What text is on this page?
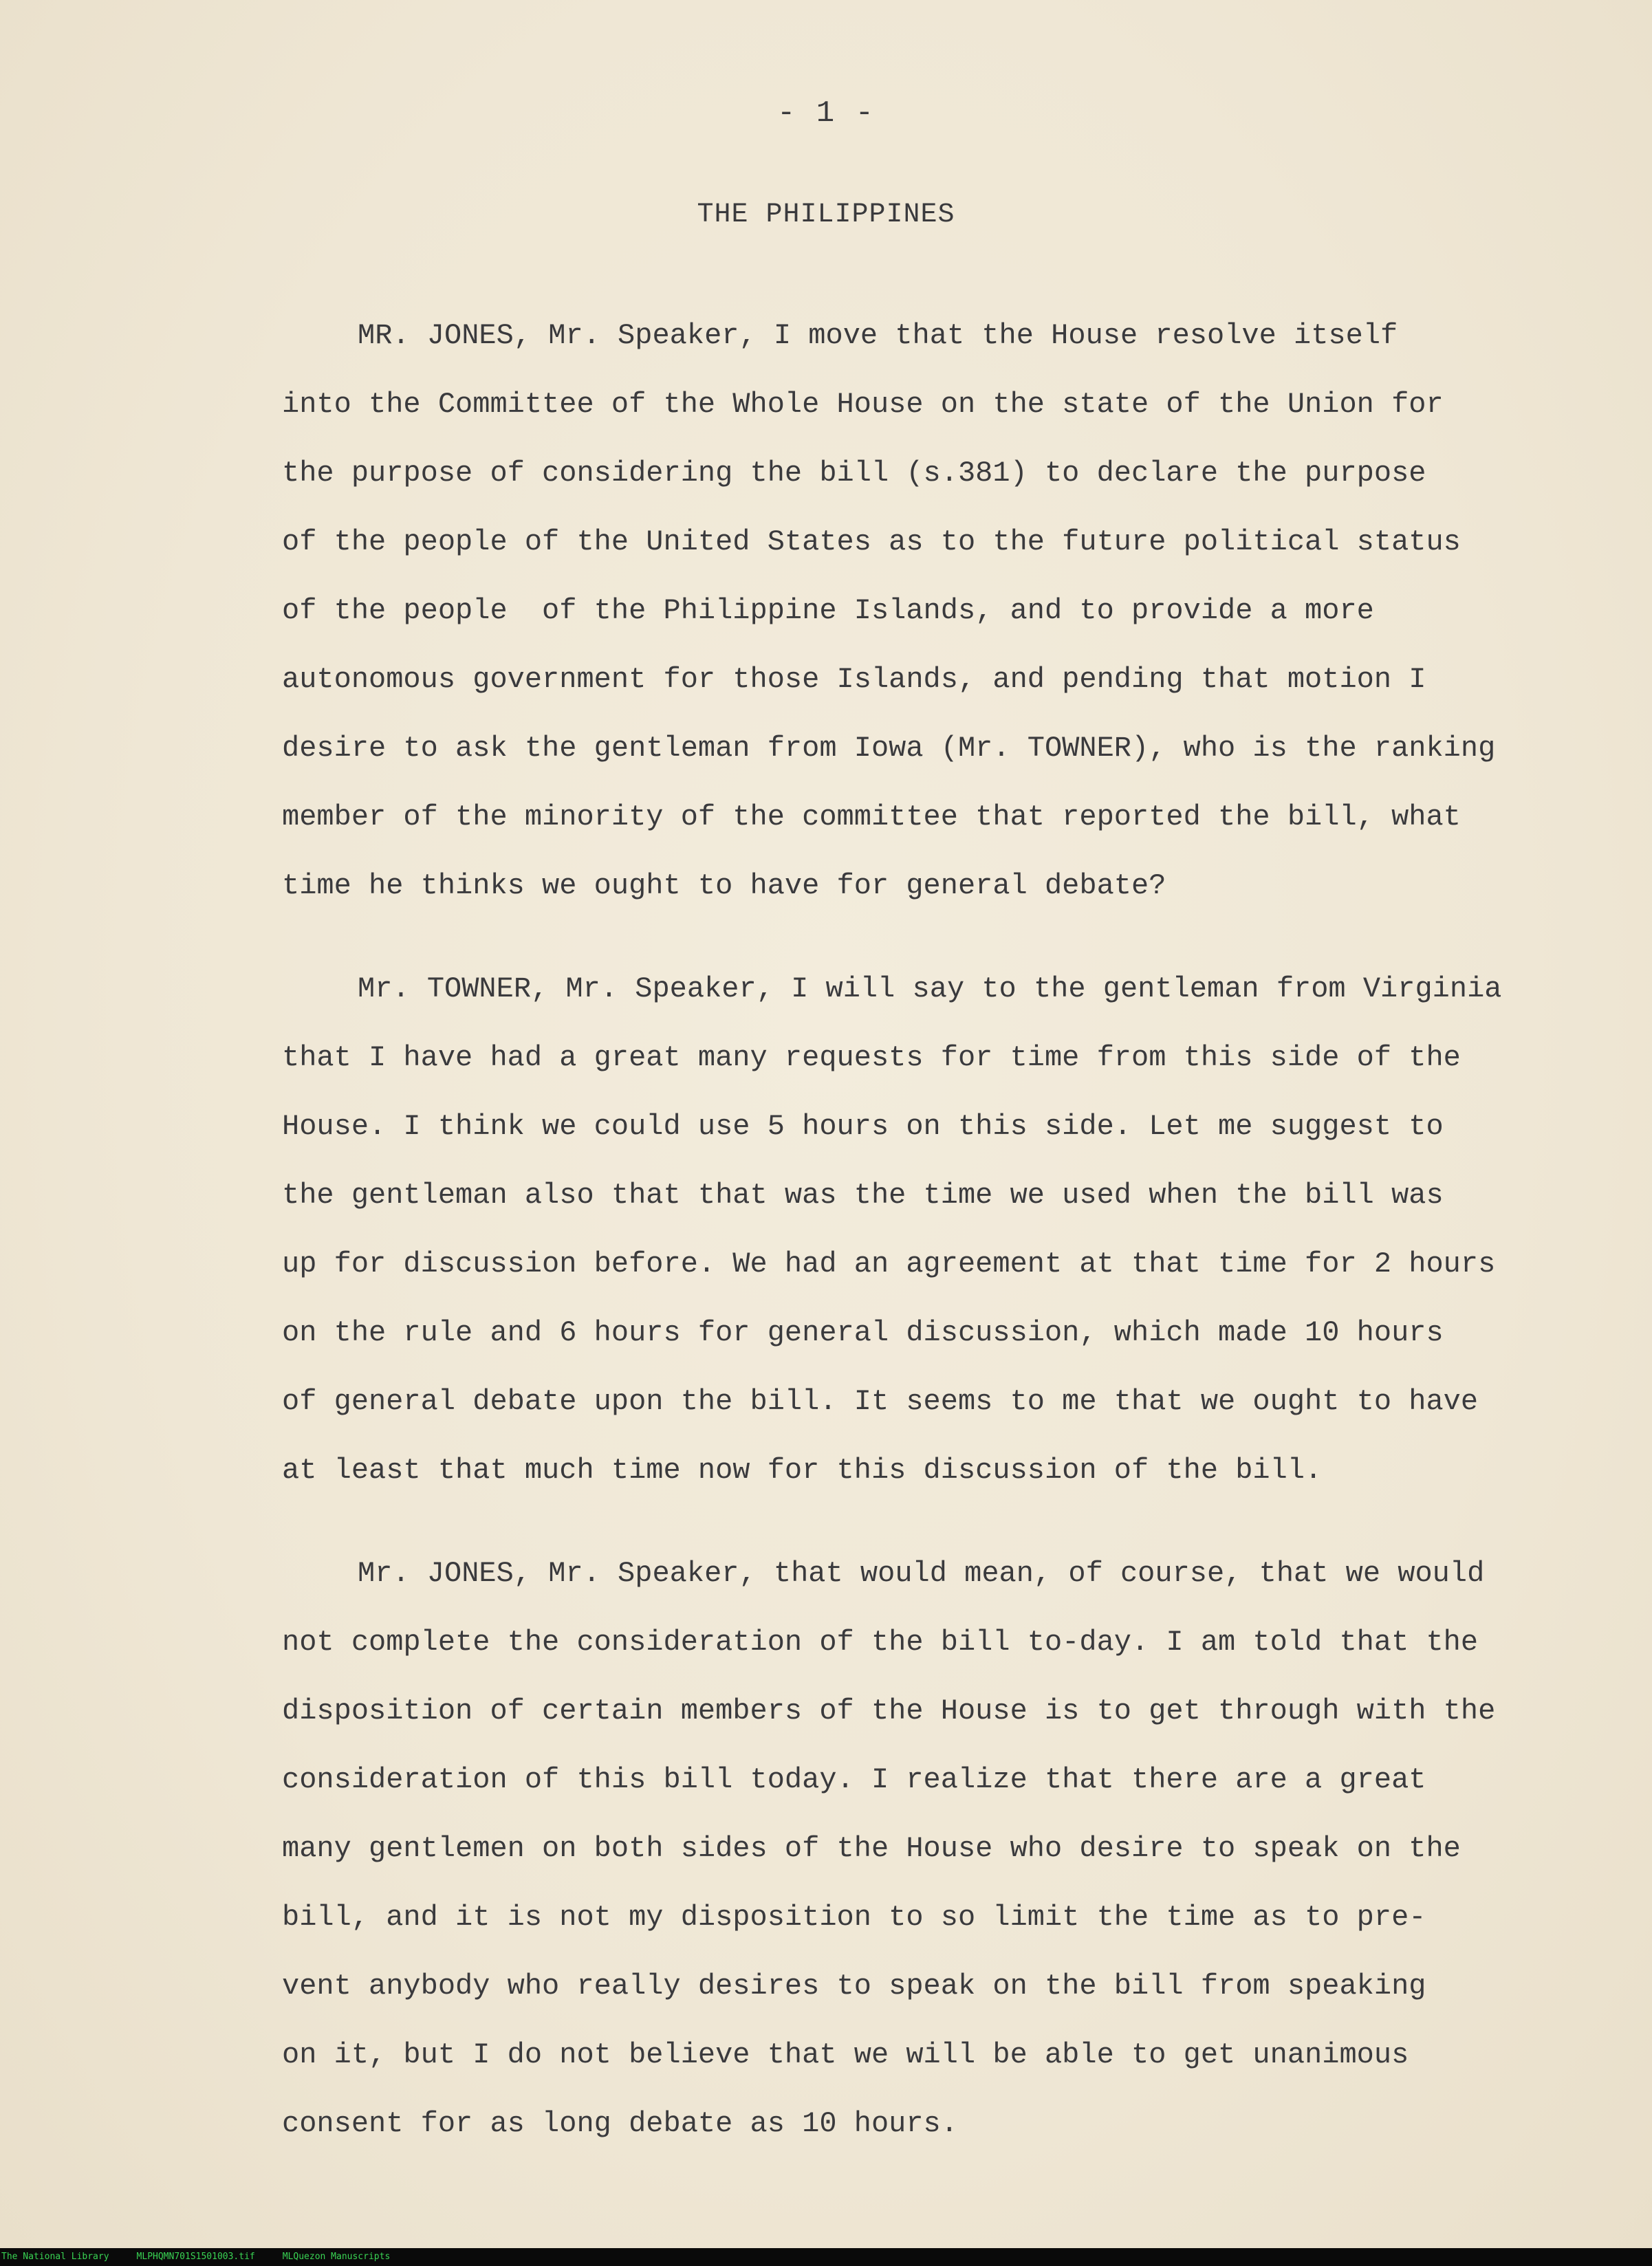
- 1 -
THE PHILIPPINES
MR. JONES, Mr. Speaker, I move that the House resolve itself
into the Committee of the Whole House on the state of the Union for
the purpose of considering the bill (s.381) to declare the purpose
of the people of the United States as to the future political status
of the people  of the Philippine Islands, and to provide a more
autonomous government for those Islands, and pending that motion I
desire to ask the gentleman from Iowa (Mr. TOWNER), who is the ranking
member of the minority of the committee that reported the bill, what
time he thinks we ought to have for general debate?
Mr. TOWNER, Mr. Speaker, I will say to the gentleman from Virginia
that I have had a great many requests for time from this side of the
House. I think we could use 5 hours on this side. Let me suggest to
the gentleman also that that was the time we used when the bill was
up for discussion before. We had an agreement at that time for 2 hours
on the rule and 6 hours for general discussion, which made 10 hours
of general debate upon the bill. It seems to me that we ought to have
at least that much time now for this discussion of the bill.
Mr. JONES, Mr. Speaker, that would mean, of course, that we would
not complete the consideration of the bill to-day. I am told that the
disposition of certain members of the House is to get through with the
consideration of this bill today. I realize that there are a great
many gentlemen on both sides of the House who desire to speak on the
bill, and it is not my disposition to so limit the time as to pre-
vent anybody who really desires to speak on the bill from speaking
on it, but I do not believe that we will be able to get unanimous
consent for as long debate as 10 hours.
The National Library	MLPHQMN701S1501003.tif	MLQuezon Manuscripts
